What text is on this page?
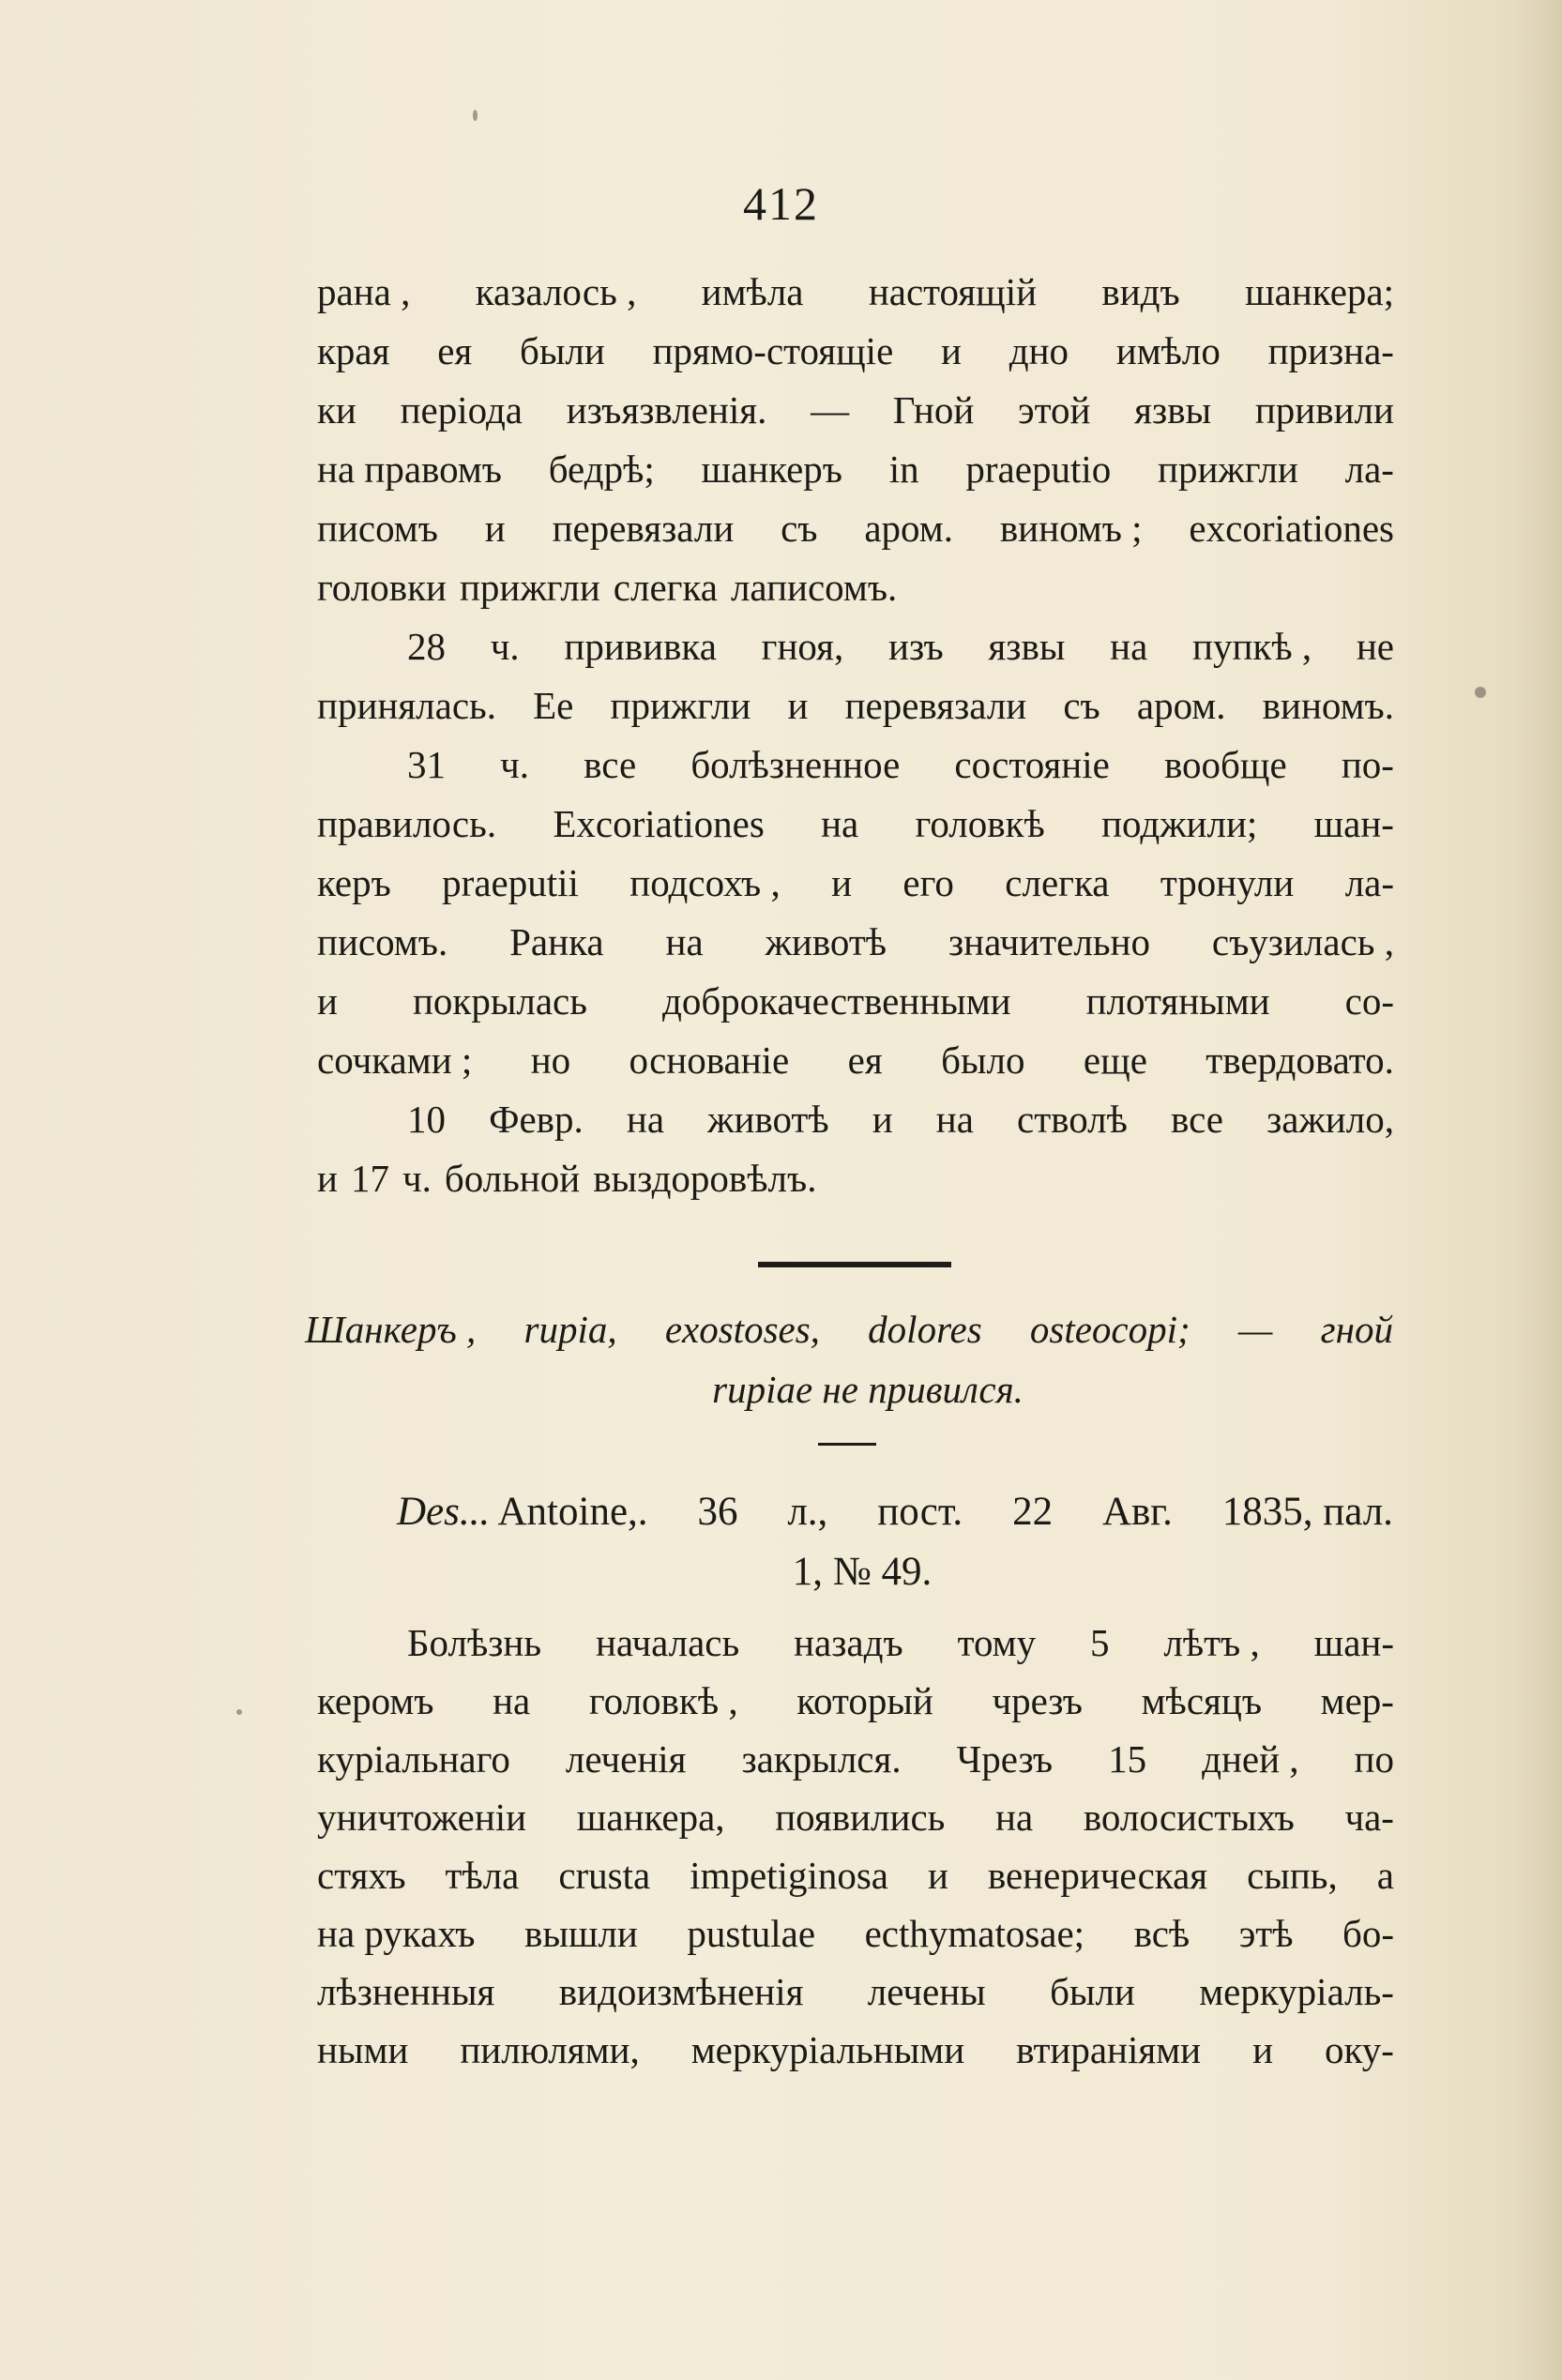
412
рана , казалось , имѣла настоящій видъ шанкера;
края ея были прямо-стоящіе и дно имѣло призна-
ки періода изъязвленія. — Гной этой язвы привили
на правомъ бедрѣ; шанкеръ in praeputio прижгли ла-
писомъ и перевязали съ аром. виномъ ; excoriationes
головки прижгли слегка лаписомъ.
28 ч. прививка гноя, изъ язвы на пупкѣ , не
принялась. Ее прижгли и перевязали съ аром. виномъ.
31 ч. все болѣзненное состояніе вообще по-
правилось. Excoriationes на головкѣ поджили; шан-
керъ praeputii подсохъ , и его слегка тронули ла-
писомъ. Ранка на животѣ значительно съузилась ,
и покрылась доброкачественными плотяными со-
сочками ; но основаніе ея было еще твердовато.
10 Февр. на животѣ и на стволѣ все зажило,
и 17 ч. больной выздоровѣлъ.
Шанкеръ , rupia, exostoses, dolores osteocopi; — гной
rupiae не привился.
Des... Antoine,. 36 л., пост. 22 Авг. 1835, пал.
1, № 49.
Болѣзнь началась назадъ тому 5 лѣтъ , шан-
керомъ на головкѣ , который чрезъ мѣсяцъ мер-
куріальнаго леченія закрылся. Чрезъ 15 дней , по
уничтоженіи шанкера, появились на волосистыхъ ча-
стяхъ тѣла crusta impetiginosa и венерическая сыпь, а
на рукахъ вышли pustulae ecthymatosae; всѣ этѣ бо-
лѣзненныя видоизмѣненія лечены были меркуріаль-
ными пилюлями, меркуріальными втираніями и оку-
